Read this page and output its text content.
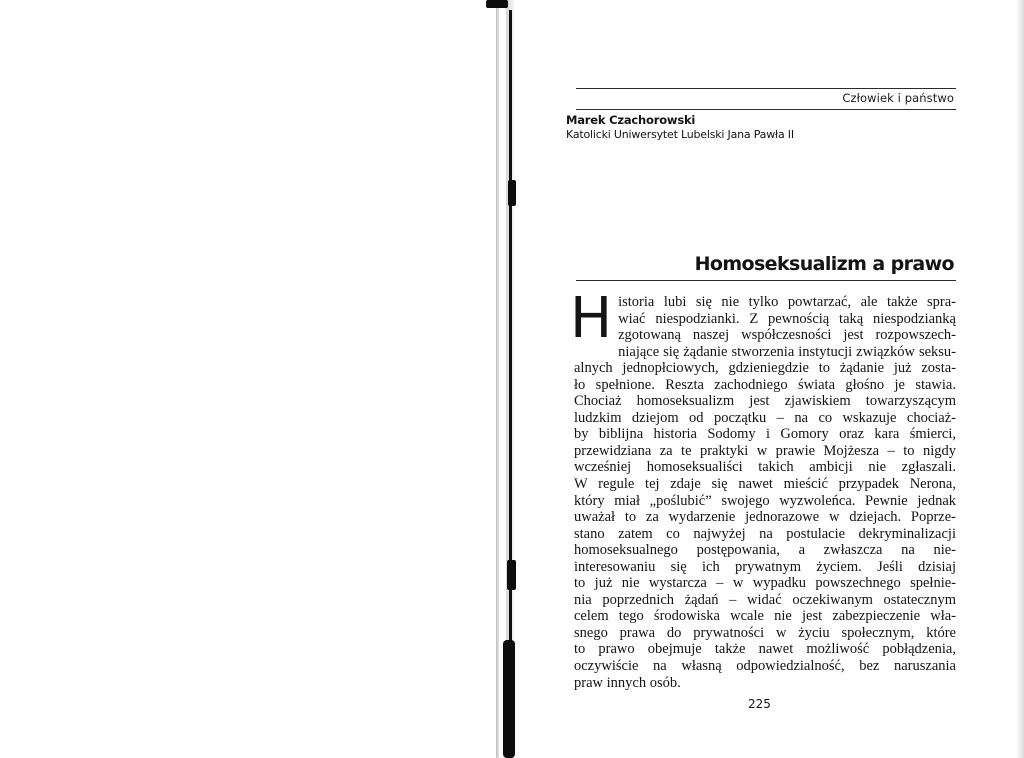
Człowiek i państwo
Marek Czachorowski
Katolicki Uniwersytet Lubelski Jana Pawła II
Homoseksualizm a prawo
H istoria lubi się nie tylko powtarzać, ale także spra-
wiać niespodzianki. Z pewnością taką niespodzianką
zgotowaną naszej współczesności jest rozpowszech-
niające się żądanie stworzenia instytucji związków seksu-
alnych jednopłciowych, gdzieniegdzie to żądanie już zosta-
ło spełnione. Reszta zachodniego świata głośno je stawia.
Chociaż homoseksualizm jest zjawiskiem towarzyszącym
ludzkim dziejom od początku – na co wskazuje chociaż-
by biblijna historia Sodomy i Gomory oraz kara śmierci,
przewidziana za te praktyki w prawie Mojżesza – to nigdy
wcześniej homoseksualiści takich ambicji nie zgłaszali.
W regule tej zdaje się nawet mieścić przypadek Nerona,
który miał „poślubić” swojego wyzwoleńca. Pewnie jednak
uważał to za wydarzenie jednorazowe w dziejach. Poprze-
stano zatem co najwyżej na postulacie dekryminalizacji
homoseksualnego postępowania, a zwłaszcza na nie-
interesowaniu się ich prywatnym życiem. Jeśli dzisiaj
to już nie wystarcza – w wypadku powszechnego spełnie-
nia poprzednich żądań – widać oczekiwanym ostatecznym
celem tego środowiska wcale nie jest zabezpieczenie wła-
snego prawa do prywatności w życiu społecznym, które
to prawo obejmuje także nawet możliwość pobłądzenia,
oczywiście na własną odpowiedzialność, bez naruszania
praw innych osób.
225
